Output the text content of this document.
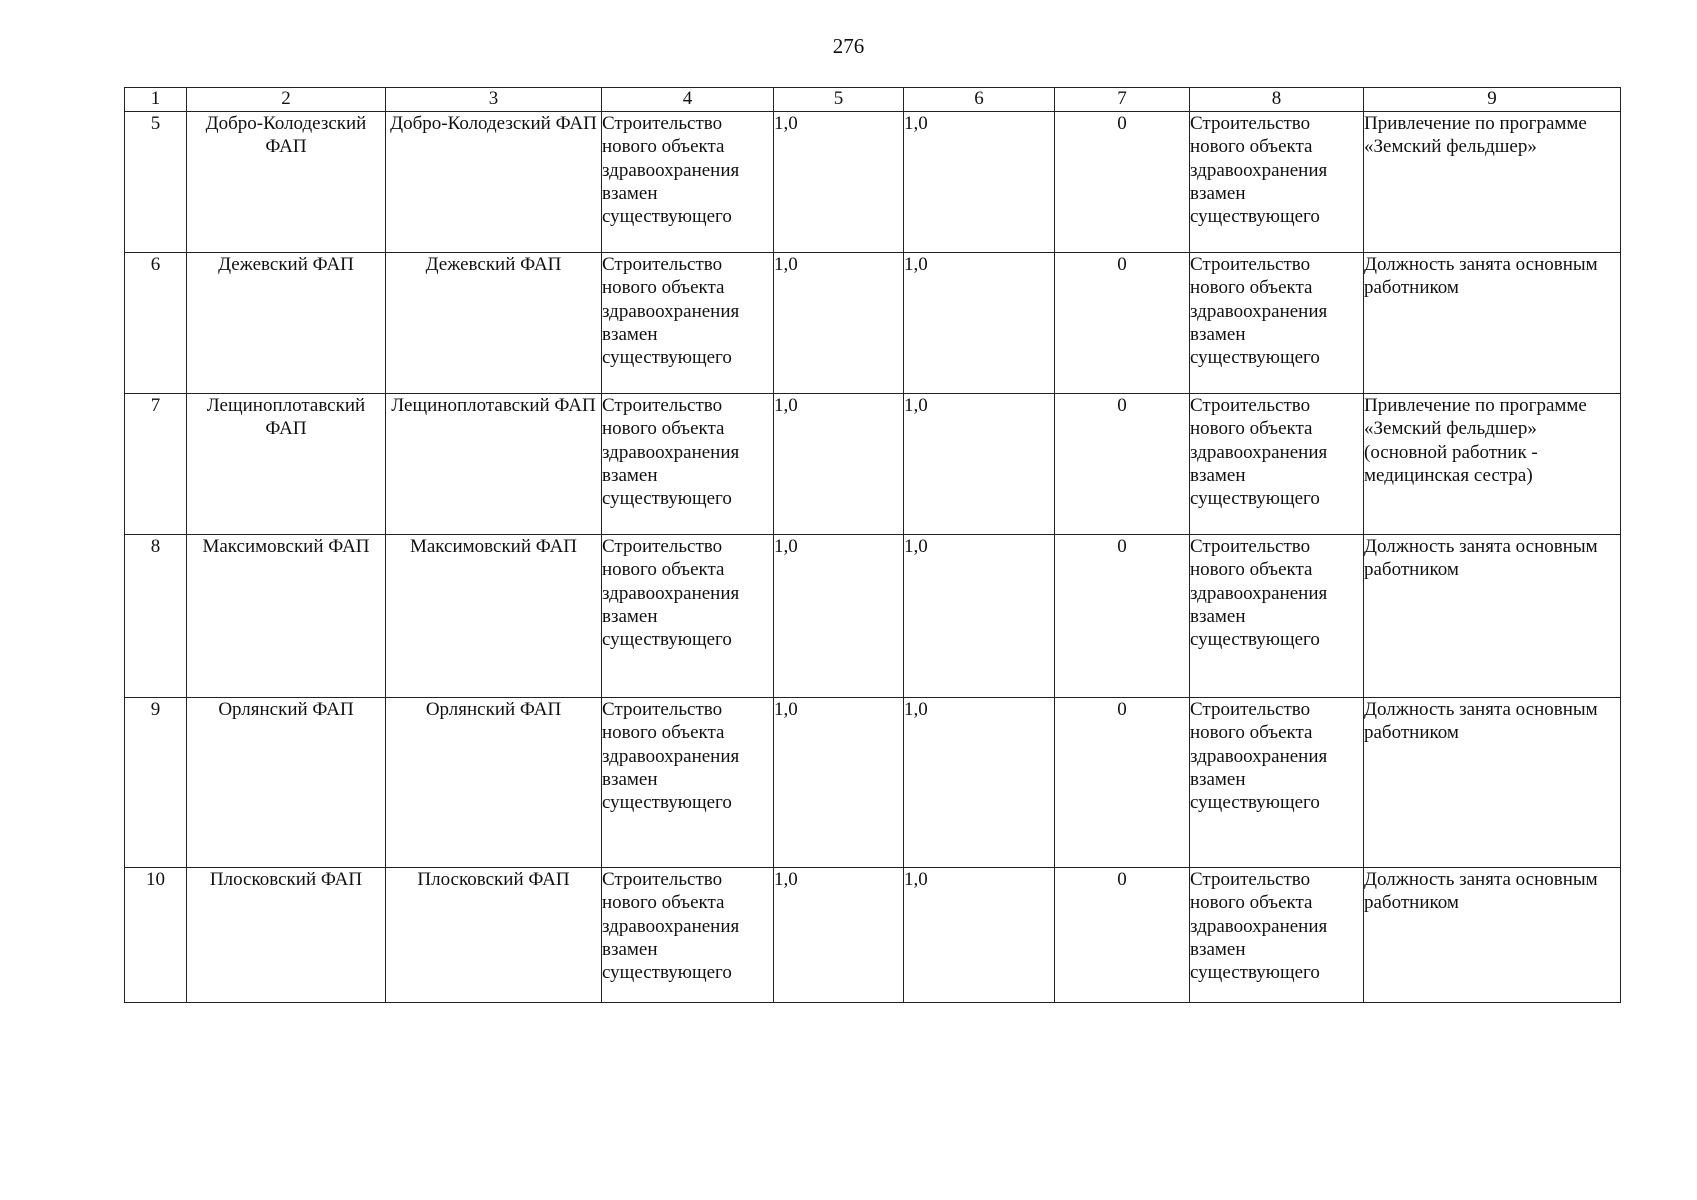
276
1	2	3	4	5	6	7	8	9
5	Добро-Колодезский ФАП	Добро-Колодезский ФАП	Строительство нового объекта здравоохранения взамен существующего	1,0	1,0	0	Строительство нового объекта здравоохранения взамен существующего	Привлечение по программе «Земский фельдшер»
6	Дежевский ФАП	Дежевский ФАП	Строительство нового объекта здравоохранения взамен существующего	1,0	1,0	0	Строительство нового объекта здравоохранения взамен существующего	Должность занята основным работником
7	Лещиноплотавский ФАП	Лещиноплотавский ФАП	Строительство нового объекта здравоохранения взамен существующего	1,0	1,0	0	Строительство нового объекта здравоохранения взамен существующего	Привлечение по программе «Земский фельдшер» (основной работник - медицинская сестра)
8	Максимовский ФАП	Максимовский ФАП	Строительство нового объекта здравоохранения взамен существующего	1,0	1,0	0	Строительство нового объекта здравоохранения взамен существующего	Должность занята основным работником
9	Орлянский ФАП	Орлянский ФАП	Строительство нового объекта здравоохранения взамен существующего	1,0	1,0	0	Строительство нового объекта здравоохранения взамен существующего	Должность занята основным работником
10	Плосковский ФАП	Плосковский ФАП	Строительство нового объекта здравоохранения взамен существующего	1,0	1,0	0	Строительство нового объекта здравоохранения взамен существующего	Должность занята основным работником
